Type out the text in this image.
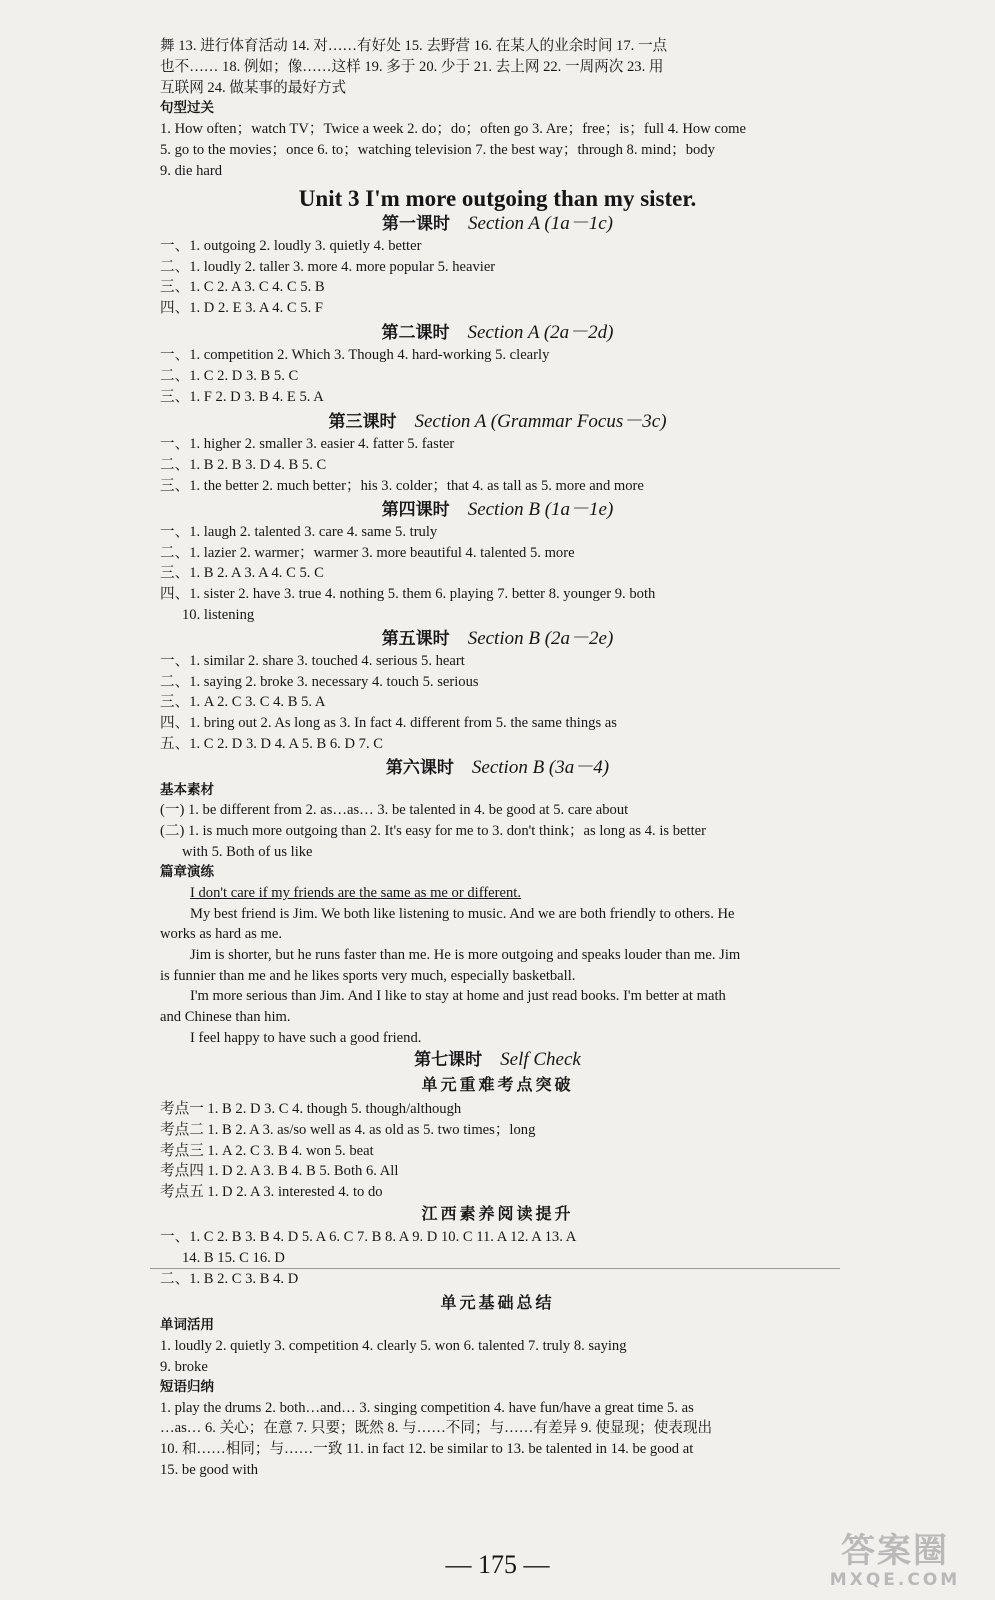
舞 13. 进行体育活动 14. 对……有好处 15. 去野营 16. 在某人的业余时间 17. 一点
也不…… 18. 例如；像……这样 19. 多于 20. 少于 21. 去上网 22. 一周两次 23. 用
互联网 24. 做某事的最好方式
句型过关
1. How often；watch TV；Twice a week 2. do；do；often go 3. Are；free；is；full 4. How come
5. go to the movies；once 6. to；watching television 7. the best way；through 8. mind；body
9. die hard
Unit 3 I'm more outgoing than my sister.
第一课时 Section A (1a－1c)
一、1. outgoing 2. loudly 3. quietly 4. better
二、1. loudly 2. taller 3. more 4. more popular 5. heavier
三、1. C 2. A 3. C 4. C 5. B
四、1. D 2. E 3. A 4. C 5. F
第二课时 Section A (2a－2d)
一、1. competition 2. Which 3. Though 4. hard-working 5. clearly
二、1. C 2. D 3. B 5. C
三、1. F 2. D 3. B 4. E 5. A
第三课时 Section A (Grammar Focus－3c)
一、1. higher 2. smaller 3. easier 4. fatter 5. faster
二、1. B 2. B 3. D 4. B 5. C
三、1. the better 2. much better；his 3. colder；that 4. as tall as 5. more and more
第四课时 Section B (1a－1e)
一、1. laugh 2. talented 3. care 4. same 5. truly
二、1. lazier 2. warmer；warmer 3. more beautiful 4. talented 5. more
三、1. B 2. A 3. A 4. C 5. C
四、1. sister 2. have 3. true 4. nothing 5. them 6. playing 7. better 8. younger 9. both
10. listening
第五课时 Section B (2a－2e)
一、1. similar 2. share 3. touched 4. serious 5. heart
二、1. saying 2. broke 3. necessary 4. touch 5. serious
三、1. A 2. C 3. C 4. B 5. A
四、1. bring out 2. As long as 3. In fact 4. different from 5. the same things as
五、1. C 2. D 3. D 4. A 5. B 6. D 7. C
第六课时 Section B (3a－4)
基本素材
(一) 1. be different from 2. as…as… 3. be talented in 4. be good at 5. care about
(二) 1. is much more outgoing than 2. It's easy for me to 3. don't think；as long as 4. is better
with 5. Both of us like
篇章演练
I don't care if my friends are the same as me or different.
My best friend is Jim. We both like listening to music. And we are both friendly to others. He
works as hard as me.
Jim is shorter, but he runs faster than me. He is more outgoing and speaks louder than me. Jim
is funnier than me and he likes sports very much, especially basketball.
I'm more serious than Jim. And I like to stay at home and just read books. I'm better at math
and Chinese than him.
I feel happy to have such a good friend.
第七课时 Self Check
单元重难考点突破
考点一 1. B 2. D 3. C 4. though 5. though/although
考点二 1. B 2. A 3. as/so well as 4. as old as 5. two times；long
考点三 1. A 2. C 3. B 4. won 5. beat
考点四 1. D 2. A 3. B 4. B 5. Both 6. All
考点五 1. D 2. A 3. interested 4. to do
江西素养阅读提升
一、1. C 2. B 3. B 4. D 5. A 6. C 7. B 8. A 9. D 10. C 11. A 12. A 13. A
14. B 15. C 16. D
二、1. B 2. C 3. B 4. D
单元基础总结
单词活用
1. loudly 2. quietly 3. competition 4. clearly 5. won 6. talented 7. truly 8. saying
9. broke
短语归纳
1. play the drums 2. both…and… 3. singing competition 4. have fun/have a great time 5. as
…as… 6. 关心；在意 7. 只要；既然 8. 与……不同；与……有差异 9. 使显现；使表现出
10. 和……相同；与……一致 11. in fact 12. be similar to 13. be talented in 14. be good at
15. be good with
— 175 —	答案圈
MXQE.COM
